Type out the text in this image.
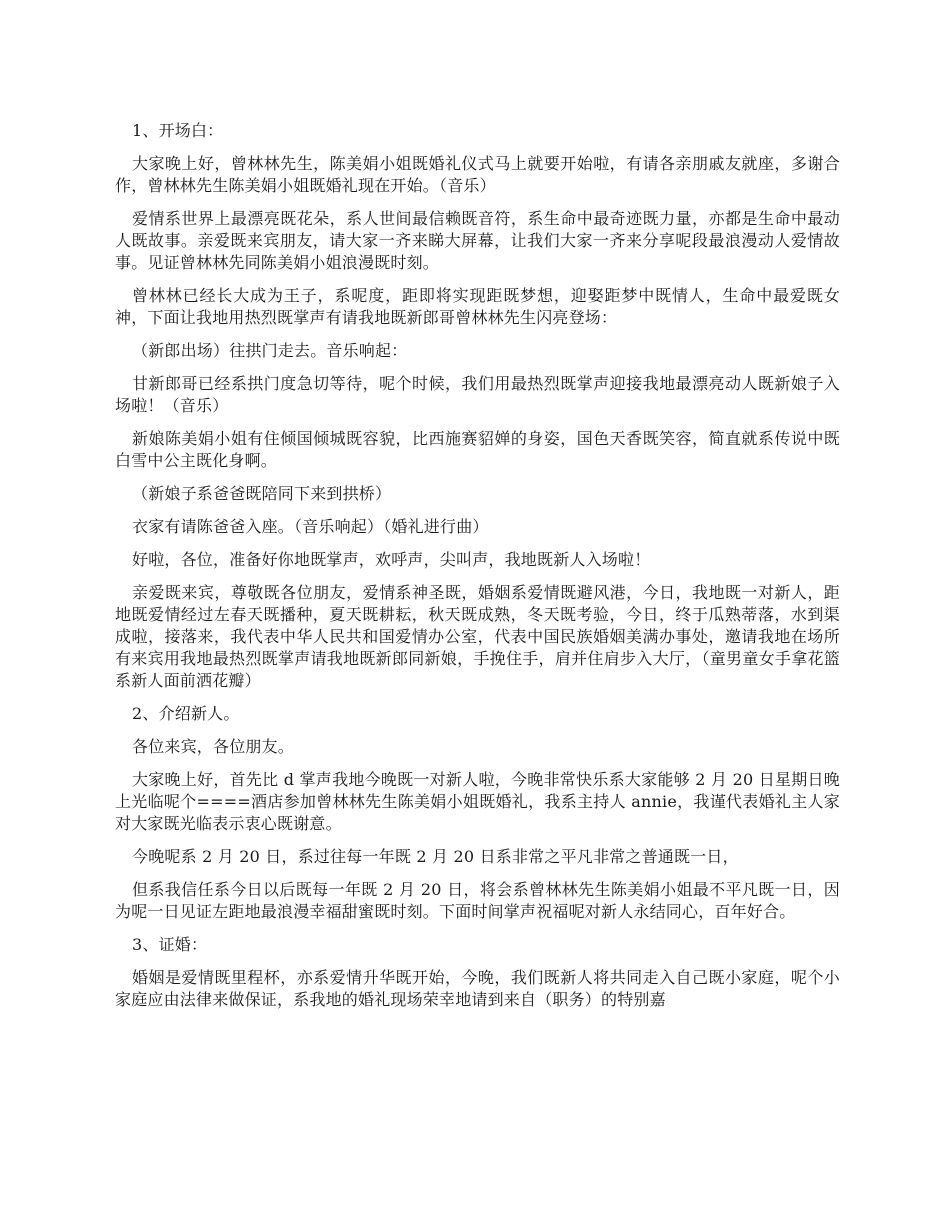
1、开场白：

大家晚上好，曾林林先生，陈美娟小姐既婚礼仪式马上就要开始啦，有请各亲朋戚友就座，多谢合作，曾林林先生陈美娟小姐既婚礼现在开始。（音乐）

爱情系世界上最漂亮既花朵，系人世间最信赖既音符，系生命中最奇迹既力量，亦都是生命中最动人既故事。亲爱既来宾朋友，请大家一齐来睇大屏幕，让我们大家一齐来分享呢段最浪漫动人爱情故事。见证曾林林先同陈美娟小姐浪漫既时刻。

曾林林已经长大成为王子，系呢度，距即将实现距既梦想，迎娶距梦中既情人，生命中最爱既女神，下面让我地用热烈既掌声有请我地既新郎哥曾林林先生闪亮登场：

（新郎出场）往拱门走去。音乐响起：

甘新郎哥已经系拱门度急切等待，呢个时候，我们用最热烈既掌声迎接我地最漂亮动人既新娘子入场啦！（音乐）

新娘陈美娟小姐有住倾国倾城既容貌，比西施赛貂婵的身姿，国色天香既笑容，简直就系传说中既白雪中公主既化身啊。

（新娘子系爸爸既陪同下来到拱桥）

衣家有请陈爸爸入座。（音乐响起）（婚礼进行曲）

好啦，各位，准备好你地既掌声，欢呼声，尖叫声，我地既新人入场啦！

亲爱既来宾，尊敬既各位朋友，爱情系神圣既，婚姻系爱情既避风港，今日，我地既一对新人，距地既爱情经过左春天既播种，夏天既耕耘，秋天既成熟，冬天既考验，今日，终于瓜熟蒂落，水到渠成啦，接落来，我代表中华人民共和国爱情办公室，代表中国民族婚姻美满办事处，邀请我地在场所有来宾用我地最热烈既掌声请我地既新郎同新娘，手挽住手，肩并住肩步入大厅，（童男童女手拿花篮系新人面前洒花瓣）

2、介绍新人。

各位来宾，各位朋友。

大家晚上好，首先比 d 掌声我地今晚既一对新人啦，今晚非常快乐系大家能够 2 月 20 日星期日晚上光临呢个====酒店参加曾林林先生陈美娟小姐既婚礼，我系主持人 annie，我谨代表婚礼主人家对大家既光临表示衷心既谢意。

今晚呢系 2 月 20 日，系过往每一年既 2 月 20 日系非常之平凡非常之普通既一日，

但系我信任系今日以后既每一年既 2 月 20 日，将会系曾林林先生陈美娟小姐最不平凡既一日，因为呢一日见证左距地最浪漫幸福甜蜜既时刻。下面时间掌声祝福呢对新人永结同心，百年好合。

3、证婚：

婚姻是爱情既里程杯，亦系爱情升华既开始，今晚，我们既新人将共同走入自己既小家庭，呢个小家庭应由法律来做保证，系我地的婚礼现场荣幸地请到来自（职务）的特别嘉
